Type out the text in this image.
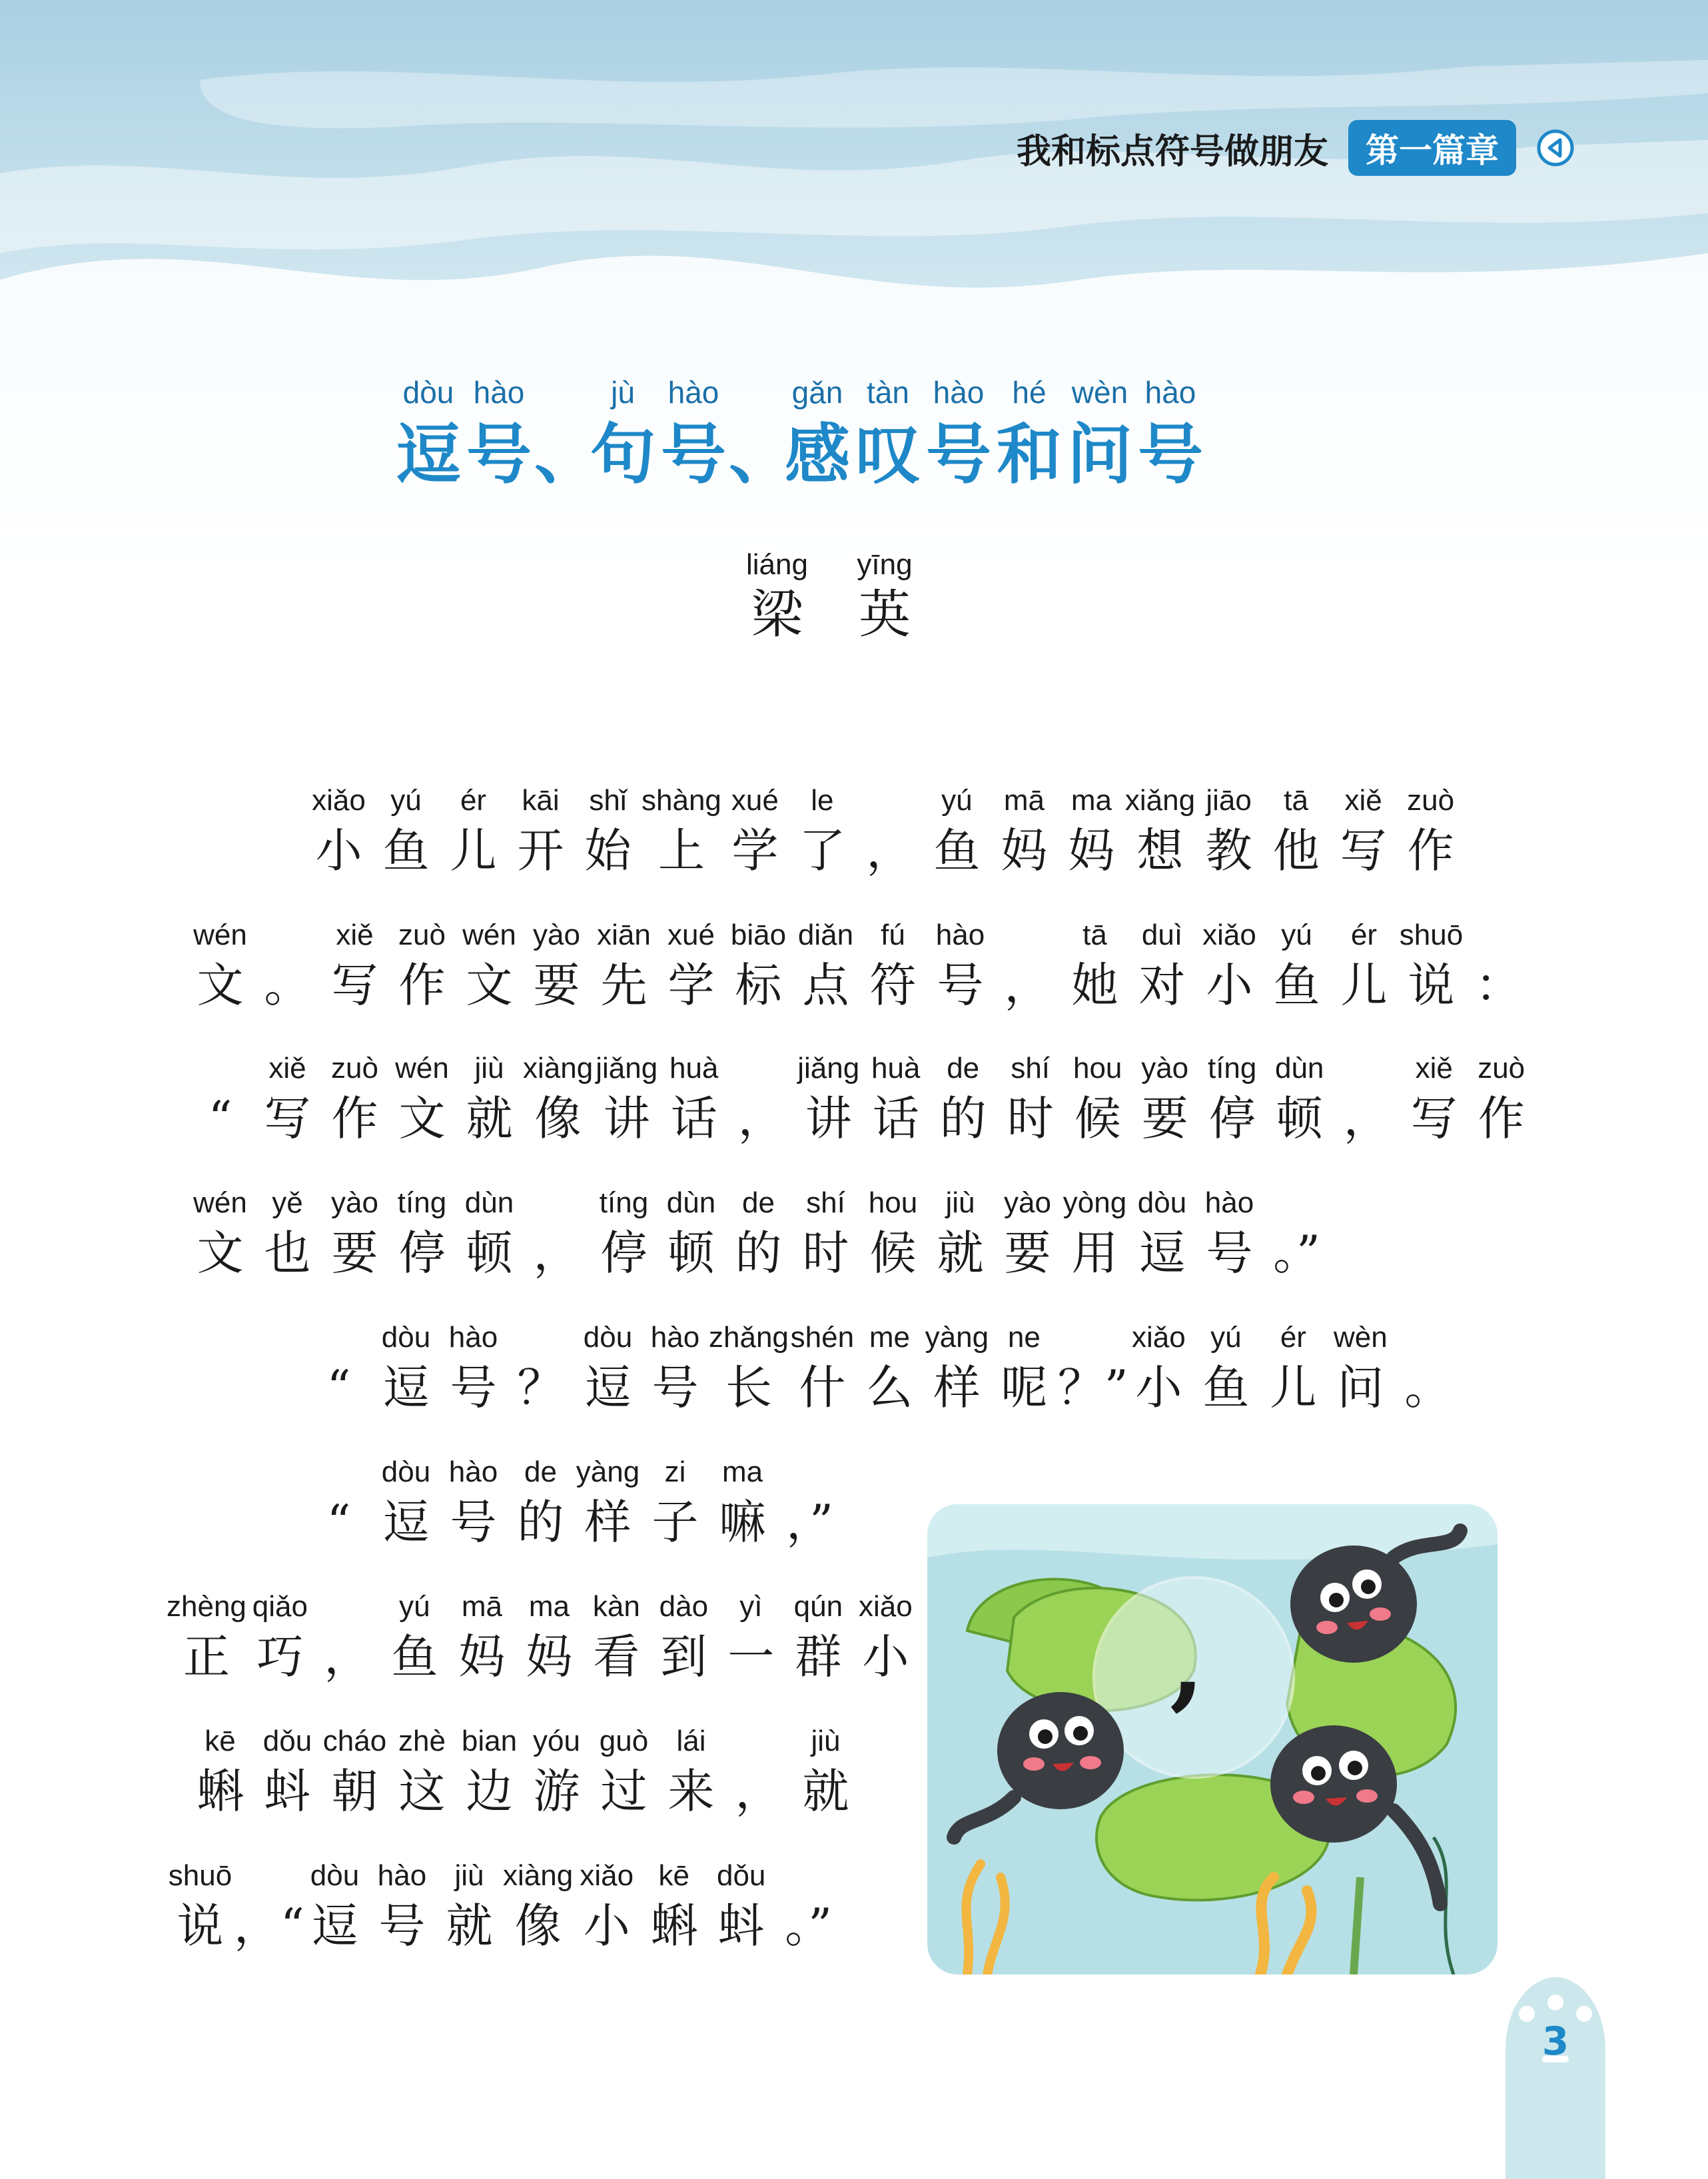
我和标点符号做朋友	第一篇章
dòu
逗
hào
号 、
jù
句
hào
号 、
gǎn
感
tàn
叹
hào
号
hé
和
wèn
问
hào
号
liáng
梁
yīng
英
xiǎo
小
yú
鱼
ér
儿
kāi
开
shǐ
始
shàng
上
xué
学
le
了 ，
yú
鱼
mā
妈
ma
妈
xiǎng
想
jiāo
教
tā
他
xiě
写
zuò
作
wén
文 。
xiě
写
zuò
作
wén
文
yào
要
xiān
先
xué
学
biāo
标
diǎn
点
fú
符
hào
号 ，
tā
她
duì
对
xiǎo
小
yú
鱼
ér
儿
shuō
说 ：
“
xiě
写
zuò
作
wén
文
jiù
就
xiàng
像
jiǎng
讲
huà
话 ，
jiǎng
讲
huà
话
de
的
shí
时
hou
候
yào
要
tíng
停
dùn
顿 ，
xiě
写
zuò
作
wén
文
yě
也
yào
要
tíng
停
dùn
顿 ，
tíng
停
dùn
顿
de
的
shí
时
hou
候
jiù
就
yào
要
yòng
用
dòu
逗
hào
号 。”
“
dòu
逗
hào
号 ？
dòu
逗
hào
号
zhǎng
长
shén
什
me
么
yàng
样
ne
呢 ？”
xiǎo
小
yú
鱼
ér
儿
wèn
问 。
“
dòu
逗
hào
号
de
的
yàng
样
zi
子
ma
嘛 ，”
zhèng
正
qiǎo
巧 ，
yú
鱼
mā
妈
ma
妈
kàn
看
dào
到
yì
一
qún
群
xiǎo
小
kē
蝌
dǒu
蚪
cháo
朝
zhè
这
bian
边
yóu
游
guò
过
lái
来 ，
jiù
就
shuō
说 ，“
dòu
逗
hào
号
jiù
就
xiàng
像
xiǎo
小
kē
蝌
dǒu
蚪 。”
,
3
